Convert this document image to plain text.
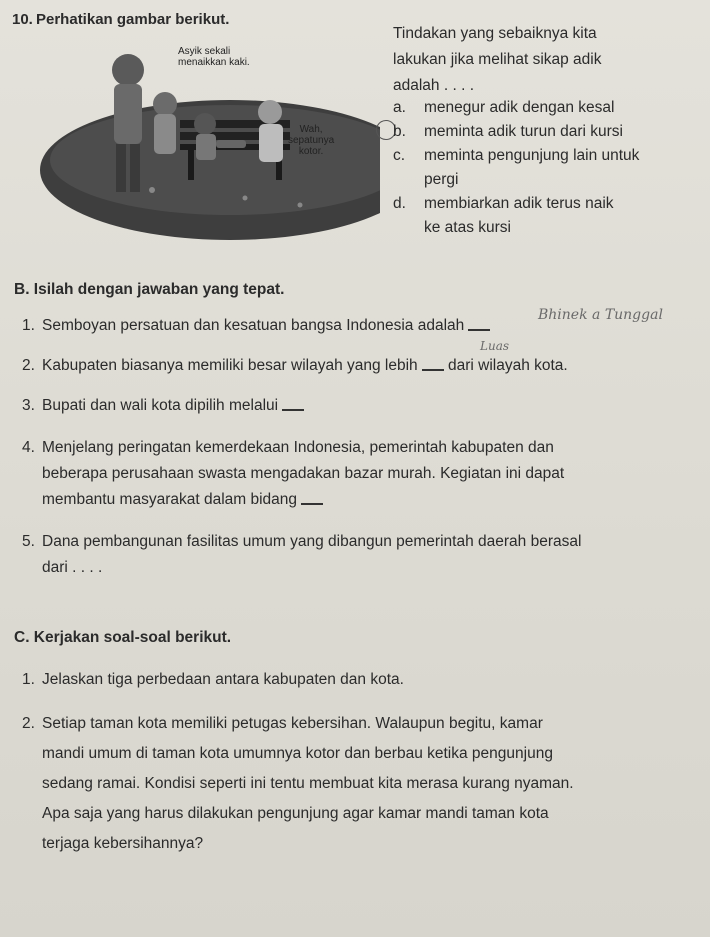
10. Perhatikan gambar berikut.
Asyik sekali
menaikkan kaki.
Wah,
sepatunya
kotor.
Tindakan yang sebaiknya kita
lakukan jika melihat sikap adik
adalah . . . .
a. menegur adik dengan kesal
b. meminta adik turun dari kursi
c. meminta pengunjung lain untuk
pergi
d. membiarkan adik terus naik
ke atas kursi
B. Isilah dengan jawaban yang tepat.
1. Semboyan persatuan dan kesatuan bangsa Indonesia adalah
Bhinek a Tunggal
2. Kabupaten biasanya memiliki besar wilayah yang lebih dari wilayah kota.
Luas
3. Bupati dan wali kota dipilih melalui
4. Menjelang peringatan kemerdekaan Indonesia, pemerintah kabupaten dan
beberapa perusahaan swasta mengadakan bazar murah. Kegiatan ini dapat
membantu masyarakat dalam bidang
5. Dana pembangunan fasilitas umum yang dibangun pemerintah daerah berasal
dari . . . .
C. Kerjakan soal-soal berikut.
1. Jelaskan tiga perbedaan antara kabupaten dan kota.
2. Setiap taman kota memiliki petugas kebersihan. Walaupun begitu, kamar
mandi umum di taman kota umumnya kotor dan berbau ketika pengunjung
sedang ramai. Kondisi seperti ini tentu membuat kita merasa kurang nyaman.
Apa saja yang harus dilakukan pengunjung agar kamar mandi taman kota
terjaga kebersihannya?
